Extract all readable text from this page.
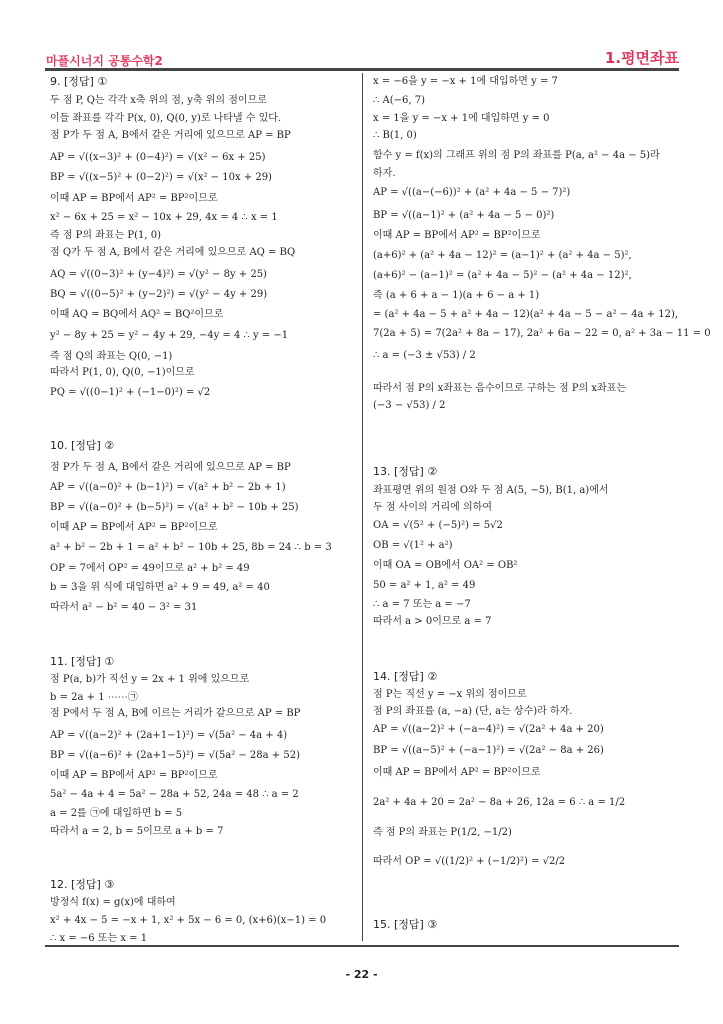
마플시너지 공통수학2	1.평면좌표
- 22 -
9. [정답] ①
두 점 P, Q는 각각 x축 위의 점, y축 위의 점이므로
이들 좌표를 각각 P(x, 0), Q(0, y)로 나타낼 수 있다.
점 P가 두 점 A, B에서 같은 거리에 있으므로 AP = BP
AP = √((x−3)² + (0−4)²) = √(x² − 6x + 25)
BP = √((x−5)² + (0−2)²) = √(x² − 10x + 29)
이때 AP = BP에서 AP² = BP²이므로
x² − 6x + 25 = x² − 10x + 29, 4x = 4 ∴ x = 1
즉 점 P의 좌표는 P(1, 0)
점 Q가 두 점 A, B에서 같은 거리에 있으므로 AQ = BQ
AQ = √((0−3)² + (y−4)²) = √(y² − 8y + 25)
BQ = √((0−5)² + (y−2)²) = √(y² − 4y + 29)
이때 AQ = BQ에서 AQ² = BQ²이므로
y² − 8y + 25 = y² − 4y + 29, −4y = 4 ∴ y = −1
즉 점 Q의 좌표는 Q(0, −1)
따라서 P(1, 0), Q(0, −1)이므로
PQ = √((0−1)² + (−1−0)²) = √2
10. [정답] ②
점 P가 두 점 A, B에서 같은 거리에 있으므로 AP = BP
AP = √((a−0)² + (b−1)²) = √(a² + b² − 2b + 1)
BP = √((a−0)² + (b−5)²) = √(a² + b² − 10b + 25)
이때 AP = BP에서 AP² = BP²이므로
a² + b² − 2b + 1 = a² + b² − 10b + 25, 8b = 24 ∴ b = 3
OP = 7에서 OP² = 49이므로 a² + b² = 49
b = 3을 위 식에 대입하면 a² + 9 = 49, a² = 40
따라서 a² − b² = 40 − 3² = 31
11. [정답] ①
점 P(a, b)가 직선 y = 2x + 1 위에 있으므로
b = 2a + 1 ⋯⋯㉠
점 P에서 두 점 A, B에 이르는 거리가 같으므로 AP = BP
AP = √((a−2)² + (2a+1−1)²) = √(5a² − 4a + 4)
BP = √((a−6)² + (2a+1−5)²) = √(5a² − 28a + 52)
이때 AP = BP에서 AP² = BP²이므로
5a² − 4a + 4 = 5a² − 28a + 52, 24a = 48 ∴ a = 2
a = 2를 ㉠에 대입하면 b = 5
따라서 a = 2, b = 5이므로 a + b = 7
12. [정답] ③
방정식 f(x) = g(x)에 대하여
x² + 4x − 5 = −x + 1, x² + 5x − 6 = 0, (x+6)(x−1) = 0
∴ x = −6 또는 x = 1
x = −6을 y = −x + 1에 대입하면 y = 7
∴ A(−6, 7)
x = 1을 y = −x + 1에 대입하면 y = 0
∴ B(1, 0)
함수 y = f(x)의 그래프 위의 점 P의 좌표를 P(a, a² − 4a − 5)라
하자.
AP = √((a−(−6))² + (a² + 4a − 5 − 7)²)
BP = √((a−1)² + (a² + 4a − 5 − 0)²)
이때 AP = BP에서 AP² = BP²이므로
(a+6)² + (a² + 4a − 12)² = (a−1)² + (a² + 4a − 5)²,
(a+6)² − (a−1)² = (a² + 4a − 5)² − (a² + 4a − 12)²,
즉 (a + 6 + a − 1)(a + 6 − a + 1)
= (a² + 4a − 5 + a² + 4a − 12)(a² + 4a − 5 − a² − 4a + 12),
7(2a + 5) = 7(2a² + 8a − 17), 2a² + 6a − 22 = 0, a² + 3a − 11 = 0
∴ a = (−3 ± √53) / 2
따라서 점 P의 x좌표는 음수이므로 구하는 점 P의 x좌표는
(−3 − √53) / 2
13. [정답] ②
좌표평면 위의 원점 O와 두 점 A(5, −5), B(1, a)에서
두 점 사이의 거리에 의하여
OA = √(5² + (−5)²) = 5√2
OB = √(1² + a²)
이때 OA = OB에서 OA² = OB²
50 = a² + 1, a² = 49
∴ a = 7 또는 a = −7
따라서 a > 0이므로 a = 7
14. [정답] ②
점 P는 직선 y = −x 위의 점이므로
점 P의 좌표를 (a, −a) (단, a는 상수)라 하자.
AP = √((a−2)² + (−a−4)²) = √(2a² + 4a + 20)
BP = √((a−5)² + (−a−1)²) = √(2a² − 8a + 26)
이때 AP = BP에서 AP² = BP²이므로
2a² + 4a + 20 = 2a² − 8a + 26, 12a = 6 ∴ a = 1/2
즉 점 P의 좌표는 P(1/2, −1/2)
따라서 OP = √((1/2)² + (−1/2)²) = √2/2
15. [정답] ③
